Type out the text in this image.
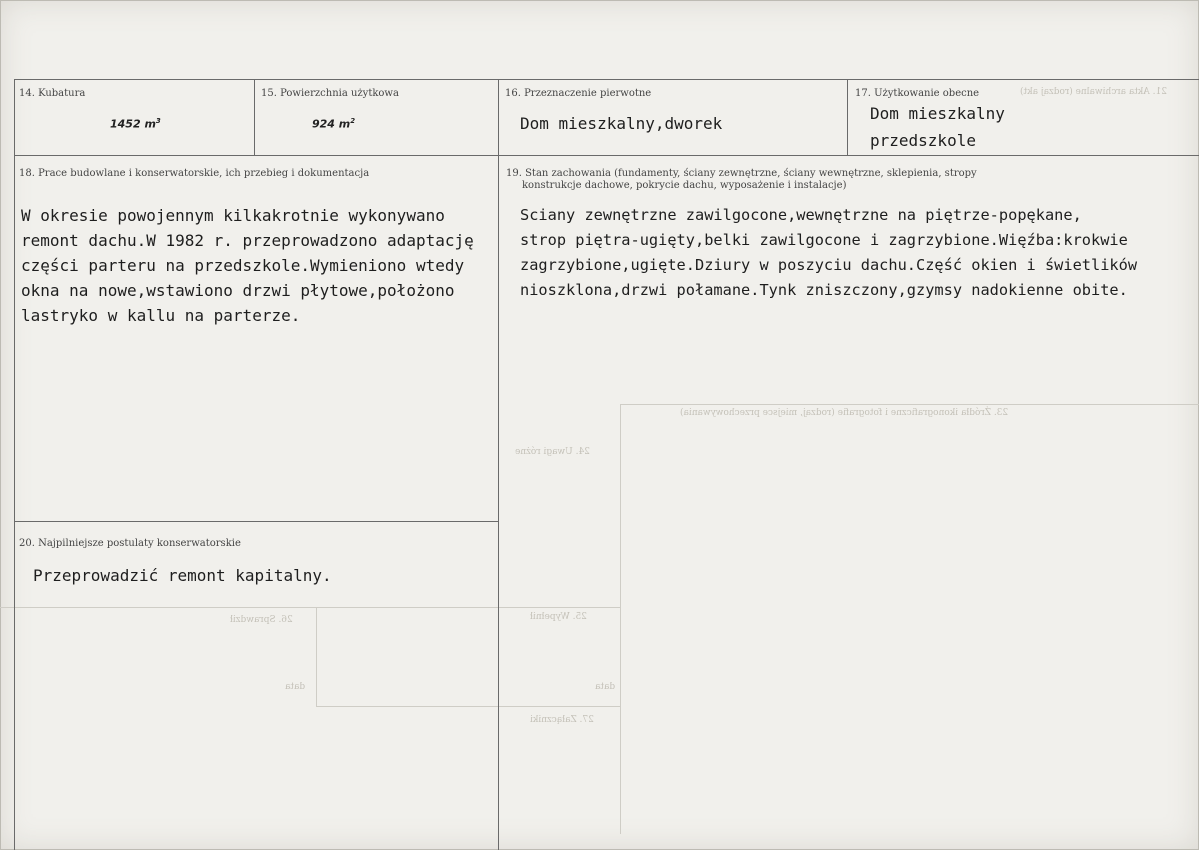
21. Akta archiwalne (rodzaj akt)
23. Źródła ikonograficzne i fotografie (rodzaj, miejsce przechowywania)
24. Uwagi różne
25. Wypełnił
26. Sprawdził
data
data
27. Załączniki
14. Kubatura
1452 $m^3$
15. Powierzchnia użytkowa
924 $m^2$
16. Przeznaczenie pierwotne
Dom mieszkalny,dworek
17. Użytkowanie obecne
Dom mieszkalny
przedszkole
18. Prace budowlane i konserwatorskie, ich przebieg i dokumentacja
W okresie powojennym kilkakrotnie wykonywano
remont dachu.W 1982 r. przeprowadzono adaptację
części parteru na przedszkole.Wymieniono wtedy
okna na nowe,wstawiono drzwi płytowe,położono
lastryko w kallu na parterze.
19. Stan zachowania (fundamenty, ściany zewnętrzne, ściany wewnętrzne, sklepienia, stropy
konstrukcje dachowe, pokrycie dachu, wyposażenie i instalacje)
Sciany zewnętrzne zawilgocone,wewnętrzne na piętrze-popękane,
strop piętra-ugięty,belki zawilgocone i zagrzybione.Więźba:krokwie
zagrzybione,ugięte.Dziury w poszyciu dachu.Część okien i świetlików
nioszklona,drzwi połamane.Tynk zniszczony,gzymsy nadokienne obite.
20. Najpilniejsze postulaty konserwatorskie
Przeprowadzić remont kapitalny.
